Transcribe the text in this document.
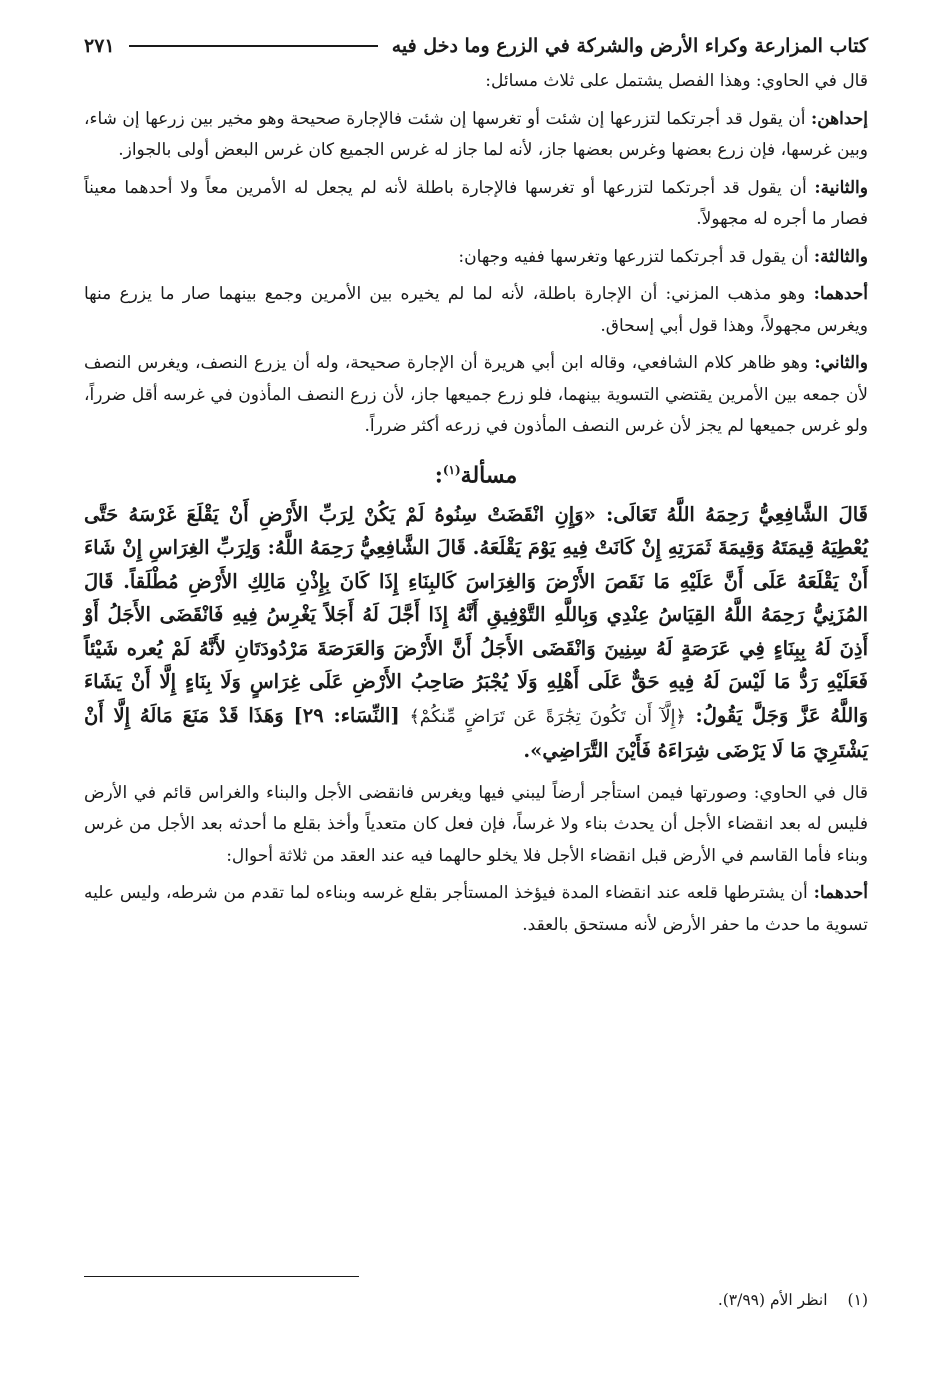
كتاب المزارعة وكراء الأرض والشركة في الزرع وما دخل فيه
٢٧١

قال في الحاوي: وهذا الفصل يشتمل على ثلاث مسائل:

إحداهن: أن يقول قد أجرتكما لتزرعها إن شئت أو تغرسها إن شئت فالإجارة صحيحة وهو مخير بين زرعها إن شاء، وبين غرسها، فإن زرع بعضها وغرس بعضها جاز، لأنه لما جاز له غرس الجميع كان غرس البعض أولى بالجواز.

والثانية: أن يقول قد أجرتكما لتزرعها أو تغرسها فالإجارة باطلة لأنه لم يجعل له الأمرين معاً ولا أحدهما معيناً فصار ما أجره له مجهولاً.

والثالثة: أن يقول قد أجرتكما لتزرعها وتغرسها ففيه وجهان:

أحدهما: وهو مذهب المزني: أن الإجارة باطلة، لأنه لما لم يخيره بين الأمرين وجمع بينهما صار ما يزرع منها ويغرس مجهولاً، وهذا قول أبي إسحاق.

والثاني: وهو ظاهر كلام الشافعي، وقاله ابن أبي هريرة أن الإجارة صحيحة، وله أن يزرع النصف، ويغرس النصف لأن جمعه بين الأمرين يقتضي التسوية بينهما، فلو زرع جميعها جاز، لأن زرع النصف المأذون في غرسه أقل ضرراً، ولو غرس جميعها لم يجز لأن غرس النصف المأذون في زرعه أكثر ضرراً.

مسألة$^{(١)}$:

قَالَ الشَّافِعِيُّ رَحِمَهُ اللَّهُ تَعَالَى: «وَإِنِ انْقَضَتْ سِنُوهُ لَمْ يَكُنْ لِرَبِّ الأَرْضِ أَنْ يَقْلَعَ غَرْسَهُ حَتَّى يُعْطِيَهُ قِيمَتَهُ وَقِيمَةَ ثَمَرَتِهِ إِنْ كَانَتْ فِيهِ يَوْمَ يَقْلَعَهُ. قَالَ الشَّافِعِيُّ رَحِمَهُ اللَّهُ: وَلِرَبِّ الغِرَاسِ إِنْ شَاءَ أَنْ يَقْلَعَهُ عَلَى أَنَّ عَلَيْهِ مَا نَقَصَ الأَرْضَ وَالغِرَاسَ كَالبِنَاءِ إِذَا كَانَ بِإِذْنِ مَالِكِ الأَرْضِ مُطْلَقاً. قَالَ المُزَنِيُّ رَحِمَهُ اللَّهُ القِيَاسُ عِنْدِي وَبِاللَّهِ التَّوْفِيقِ أَنَّهُ إِذَا أَجَّلَ لَهُ أَجَلاً يَغْرِسُ فِيهِ فَانْقَضَى الأَجَلُ أَوْ أَذِنَ لَهُ بِبِنَاءٍ فِي عَرَصَةٍ لَهُ سِنِينَ وَانْقَضَى الأَجَلُ أَنَّ الأَرْضَ وَالعَرَصَةَ مَرْدُودَتَانِ لأَنَّهُ لَمْ يُعره شَيْئاً فَعَلَيْهِ رَدُّ مَا لَيْسَ لَهُ فِيهِ حَقٌّ عَلَى أَهْلِهِ وَلَا يُجْبَرُ صَاحِبُ الأَرْضِ عَلَى غِرَاسٍ وَلَا بِنَاءٍ إِلَّا أَنْ يَشَاءَ وَاللَّهُ عَزَّ وَجَلَّ يَقُولُ: ﴿إِلَّآ أَن تَكُونَ تِجَٰرَةً عَن تَرَاضٍ مِّنكُمْ﴾ [النِّسَاء: ٢٩] وَهَذَا قَدْ مَنَعَ مَالَهُ إِلَّا أَنْ يَشْتَرِيَ مَا لَا يَرْضَى شِرَاءَهُ فَأَيْنَ التَّرَاضِي».

قال في الحاوي: وصورتها فيمن استأجر أرضاً ليبني فيها ويغرس فانقضى الأجل والبناء والغراس قائم في الأرض فليس له بعد انقضاء الأجل أن يحدث بناء ولا غرساً، فإن فعل كان متعدياً وأخذ بقلع ما أحدثه بعد الأجل من غرس وبناء فأما القاسم في الأرض قبل انقضاء الأجل فلا يخلو حالهما فيه عند العقد من ثلاثة أحوال:

أحدهما: أن يشترطها قلعه عند انقضاء المدة فيؤخذ المستأجر بقلع غرسه وبناءه لما تقدم من شرطه، وليس عليه تسوية ما حدث ما حفر الأرض لأنه مستحق بالعقد.

(١)
انظر الأم (٣/٩٩).
